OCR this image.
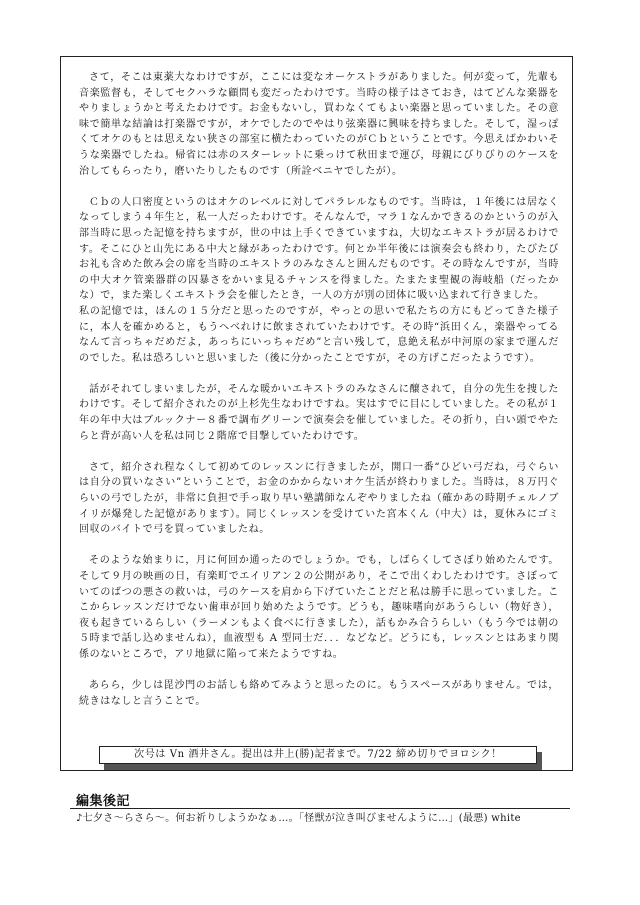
さて，そこは東薬大なわけですが，ここには変なオーケストラがありました。何が変って，先輩も音楽監督も，そしてセクハラな顧問も変だったわけです。当時の様子はさておき，はてどんな楽器をやりましょうかと考えたわけです。お金もないし，買わなくてもよい楽器と思っていました。その意味で簡単な結論は打楽器ですが，オケでしたのでやはり弦楽器に興味を持ちました。そして，湿っぽくてオケのもとは思えない狭さの部室に横たわっていたのがＣｂということです。今思えばかわいそうな楽器でしたね。帰省には赤のスターレットに乗っけて秋田まで運び，母親にびりびりのケースを治してもらったり，磨いたりしたものです（所詮ベニヤでしたが）。

Ｃｂの人口密度というのはオケのレベルに対してパラレルなものです。当時は，１年後には居なくなってしまう４年生と，私一人だったわけです。そんなんで，マラ１なんかできるのかというのが入部当時に思った記憶を持ちますが，世の中は上手くできていますね，大切なエキストラが居るわけです。そこにひと山先にある中大と縁があったわけです。何とか半年後には演奏会も終わり，たびたびお礼も含めた飲み会の席を当時のエキストラのみなさんと囲んだものです。その時なんですが，当時の中大オケ管楽器群の囚暴さをかいま見るチャンスを得ました。たまたま聖観の海岐船（だったかな）で，また楽しくエキストラ会を催したとき，一人の方が別の団体に吸い込まれて行きました。

私の記憶では，ほんの１５分だと思ったのですが，やっとの思いで私たちの方にもどってきた様子に，本人を確かめると，もうへべれけに飲まされていたわけです。その時“浜田くん，楽器やってるなんて言っちゃだめだよ，あっちにいっちゃだめ”と言い残して，息絶え私が中河原の家まで運んだのでした。私は恐ろしいと思いました（後に分かったことですが，その方げこだったようです）。

話がそれてしまいましたが，そんな暖かいエキストラのみなさんに醸されて，自分の先生を捜したわけです。そして紹介されたのが上杉先生なわけですね。実はすでに目にしていました。その私が１年の年中大はブルックナー８番で調布グリーンで演奏会を催していました。その折り，白い頭でやたらと背が高い人を私は同じ２階席で目撃していたわけです。

さて，紹介され程なくして初めてのレッスンに行きましたが，開口一番“ひどい弓だね，弓ぐらいは自分の買いなさい”ということで，お金のかからないオケ生活が終わりました。当時は，８万円ぐらいの弓でしたが，非常に負担で手っ取り早い塾講師なんぞやりましたね（確かあの時期チェルノブイリが爆発した記憶があります）。同じくレッスンを受けていた宮本くん（中大）は，夏休みにゴミ回収のバイトで弓を買っていましたね。

そのような始まりに，月に何回か通ったのでしょうか。でも，しばらくしてさぼり始めたんです。そして９月の映画の日，有楽町でエイリアン２の公開があり，そこで出くわしたわけです。さぼっていてのばつの悪さの救いは，弓のケースを肩から下げていたことだと私は勝手に思っていました。ここからレッスンだけでない歯車が回り始めたようです。どうも，趣味嗜向があうらしい（物好き），夜も起きているらしい（ラーメンもよく食べに行きました），話もかみ合うらしい（もう今では朝の５時まで話し込めませんね），血液型も A 型同士だ．．．などなど。どうにも，レッスンとはあまり関係のないところで，アリ地獄に陥って来たようですね。

あらら，少しは毘沙門のお話しも絡めてみようと思ったのに。もうスペースがありません。では，続きはなしと言うことで。

次号は Vn 酒井さん。提出は井上(勝)記者まで。7/22 締め切りでヨロシク！
編集後記
♪七夕さ～らさら～。何お祈りしようかなぁ…。「怪獣が泣き叫びませんように…」(最悪) white
